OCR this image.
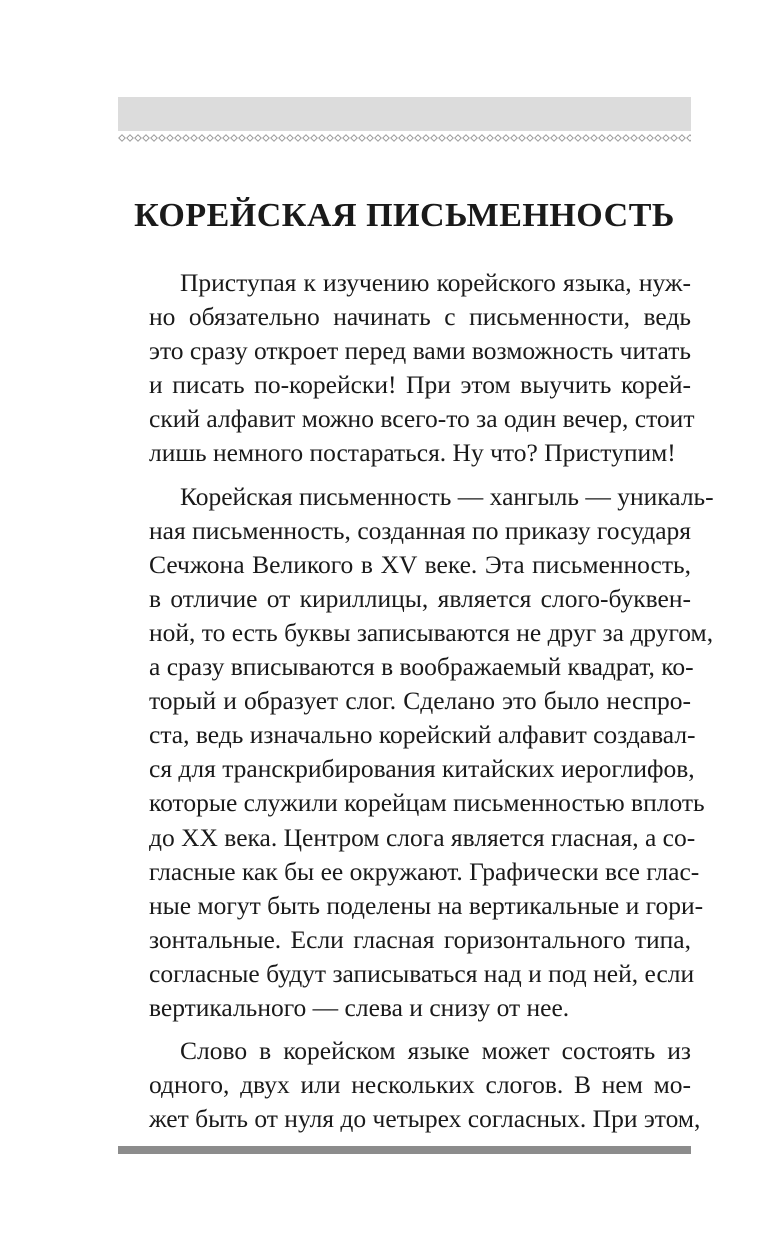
КОРЕЙСКАЯ ПИСЬМЕННОСТЬ

Приступая к изучению корейского языка, нуж-
но обязательно начинать с письменности, ведь
это сразу откроет перед вами возможность читать
и писать по-корейски! При этом выучить корей-
ский алфавит можно всего-то за один вечер, стоит
лишь немного постараться. Ну что? Приступим!

Корейская письменность — хангыль — уникаль-
ная письменность, созданная по приказу государя
Сечжона Великого в XV веке. Эта письменность,
в отличие от кириллицы, является слого-буквен-
ной, то есть буквы записываются не друг за другом,
а сразу вписываются в воображаемый квадрат, ко-
торый и образует слог. Сделано это было неспро-
ста, ведь изначально корейский алфавит создавал-
ся для транскрибирования китайских иероглифов,
которые служили корейцам письменностью вплоть
до XX века. Центром слога является гласная, а со-
гласные как бы ее окружают. Графически все глас-
ные могут быть поделены на вертикальные и гори-
зонтальные. Если гласная горизонтального типа,
согласные будут записываться над и под ней, если
вертикального — слева и снизу от нее.

Слово в корейском языке может состоять из
одного, двух или нескольких слогов. В нем мо-
жет быть от нуля до четырех согласных. При этом,
